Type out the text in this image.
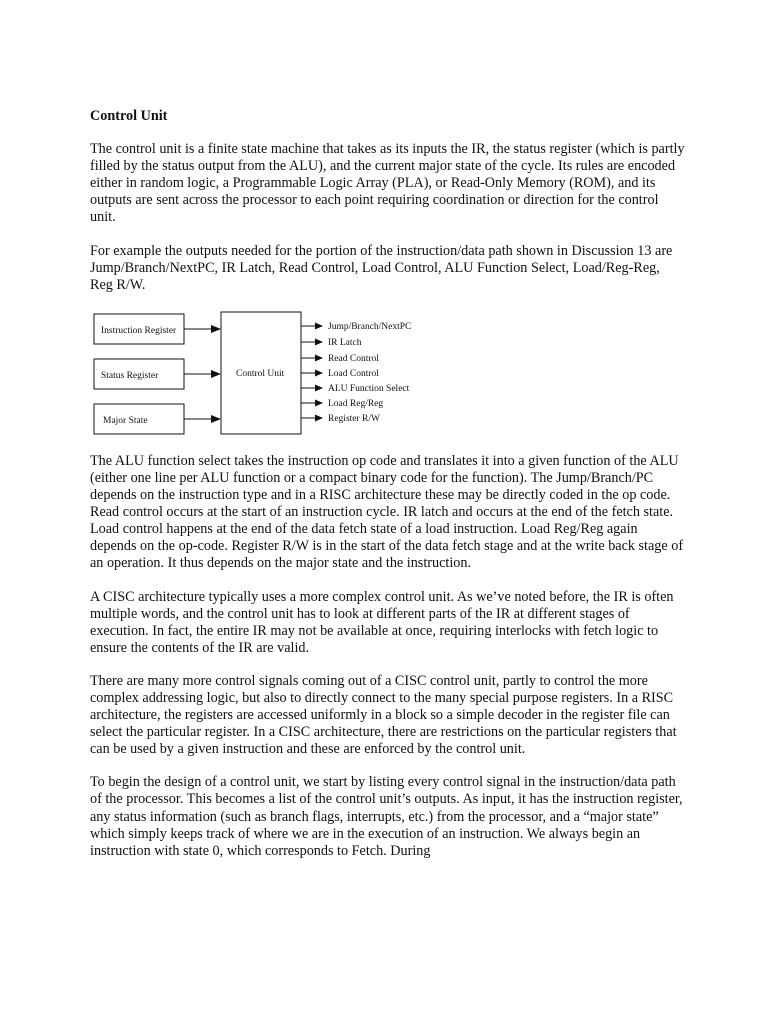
Control Unit

The control unit is a finite state machine that takes as its inputs the IR, the status register (which is partly filled by the status output from the ALU), and the current major state of the cycle. Its rules are encoded either in random logic, a Programmable Logic Array (PLA), or Read-Only Memory (ROM), and its outputs are sent across the processor to each point requiring coordination or direction for the control unit.

For example the outputs needed for the portion of the instruction/data path shown in Discussion 13 are Jump/Branch/NextPC, IR Latch, Read Control, Load Control, ALU Function Select, Load/Reg-Reg, Reg R/W.

Instruction Register
Status Register
Major State
Control Unit
Jump/Branch/NextPC
IR Latch
Read Control
Load Control
ALU Function Select
Load Reg/Reg
Register R/W

The ALU function select takes the instruction op code and translates it into a given function of the ALU (either one line per ALU function or a compact binary code for the function). The Jump/Branch/PC depends on the instruction type and in a RISC architecture these may be directly coded in the op code. Read control occurs at the start of an instruction cycle. IR latch and occurs at the end of the fetch state. Load control happens at the end of the data fetch state of a load instruction. Load Reg/Reg again depends on the op-code. Register R/W is in the start of the data fetch stage and at the write back stage of an operation. It thus depends on the major state and the instruction.

A CISC architecture typically uses a more complex control unit. As we’ve noted before, the IR is often multiple words, and the control unit has to look at different parts of the IR at different stages of execution. In fact, the entire IR may not be available at once, requiring interlocks with fetch logic to ensure the contents of the IR are valid.

There are many more control signals coming out of a CISC control unit, partly to control the more complex addressing logic, but also to directly connect to the many special purpose registers. In a RISC architecture, the registers are accessed uniformly in a block so a simple decoder in the register file can select the particular register. In a CISC architecture, there are restrictions on the particular registers that can be used by a given instruction and these are enforced by the control unit.

To begin the design of a control unit, we start by listing every control signal in the instruction/data path of the processor. This becomes a list of the control unit’s outputs. As input, it has the instruction register, any status information (such as branch flags, interrupts, etc.) from the processor, and a “major state” which simply keeps track of where we are in the execution of an instruction. We always begin an instruction with state 0, which corresponds to Fetch. During
